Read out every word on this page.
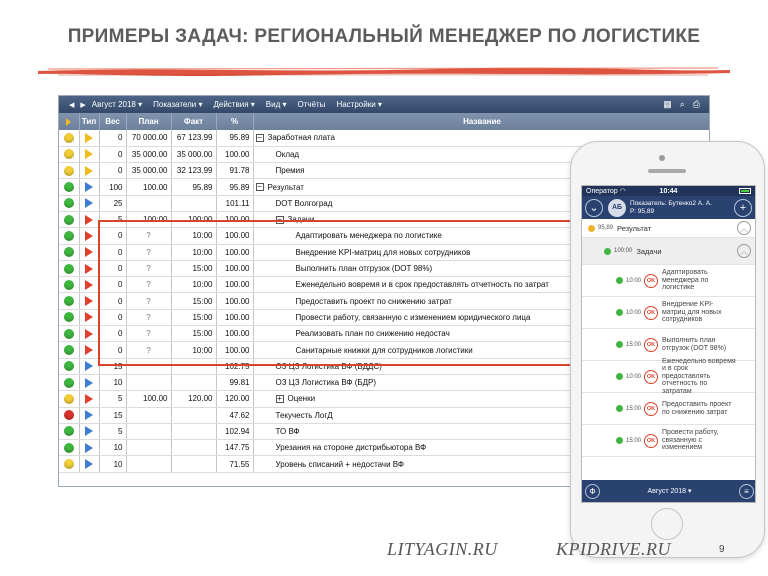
ПРИМЕРЫ ЗАДАЧ: РЕГИОНАЛЬНЫЙ МЕНЕДЖЕР ПО ЛОГИСТИКЕ
◀ ▶ Август 2018 ▾ Показатели ▾ Действия ▾ Вид ▾ Отчёты Настройки ▾	▦ ⌕ ⎙
	Тип	Вес	План	Факт	%	Название
		0	70 000.00	67 123.99	95.89	− Заработная плата
		0	35 000.00	35 000.00	100.00	Оклад
		0	35 000.00	32 123.99	91.78	Премия
		100	100.00	95.89	95.89	− Результат
		25			101.11	DOT Волгоград
		5	100:00	100:00	100.00	− Задачи
		0	?	10:00	100.00	Адаптировать менеджера по логистике
		0	?	10:00	100.00	Внедрение KPI-матриц для новых сотрудников
		0	?	15:00	100.00	Выполнить план отгрузок (DOT 98%)
		0	?	10:00	100.00	Еженедельно вовремя и в срок предоставлять отчетность по затрат
		0	?	15:00	100.00	Предоставить проект по снижению затрат
		0	?	15:00	100.00	Провести работу, связанную с изменением юридического лица
		0	?	15:00	100.00	Реализовать план по снижению недостач
		0	?	10:00	100.00	Санитарные книжки для сотрудников логистики
		15			102.75	ОЗ ЦЗ Логистика ВФ (БДДС)
		10			99.81	ОЗ ЦЗ Логистика ВФ (БДР)
		5	100.00	120.00	120.00	+ Оценки
		15			47.62	Текучесть ЛогД
		5			102.94	ТО ВФ
		10			147.75	Урезания на стороне дистрибьютора ВФ
		10			71.55	Уровень списаний + недостачи ВФ
Оператор ◠	10:44
⌄	АБ
Показатель: Бутенко2 А. А.
Р: 95,89	+
95,89 Результат	︿
100:00 Задачи	︿
10:00	OK
Адаптировать менеджера по логистике
10:00	OK
Внедрение KPI-матриц для новых сотрудников
15:00	OK
Выполнить план отгрузок (DOT 98%)
10:00	OK
Еженедельно вовремя и в срок предоставлять отчетность по затратам
15:00	OK
Предоставить проект по снижению затрат
15:00	OK
Провести работу, связанную с изменением
Ф	Август 2018 ▾	≡
LITYAGIN.RU	KPIDRIVE.RU	9
